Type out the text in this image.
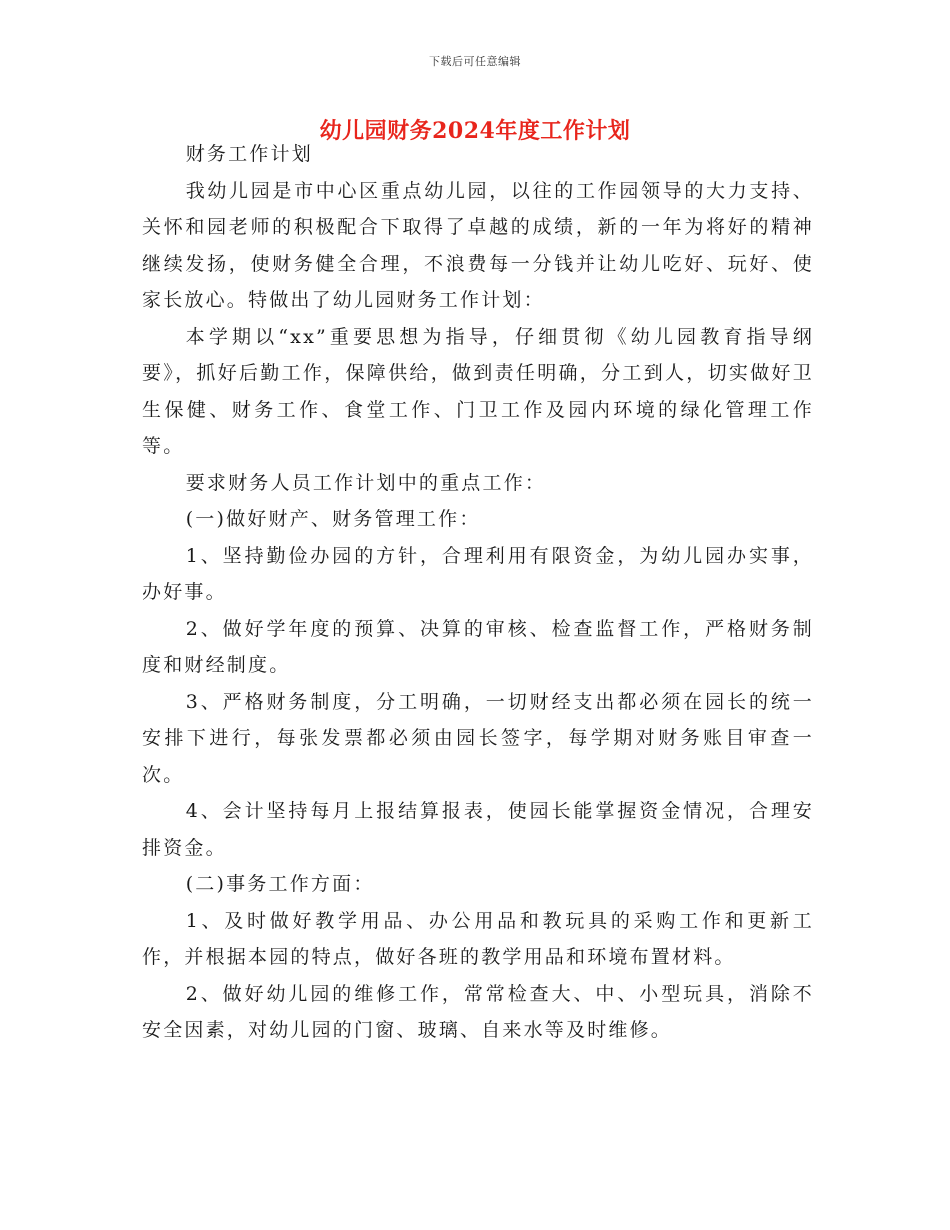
下载后可任意编辑
幼儿园财务2024年度工作计划

财务工作计划

我幼儿园是市中心区重点幼儿园，以往的工作园领导的大力支持、关怀和园老师的积极配合下取得了卓越的成绩，新的一年为将好的精神继续发扬，使财务健全合理，不浪费每一分钱并让幼儿吃好、玩好、使家长放心。特做出了幼儿园财务工作计划：

本学期以“xx”重要思想为指导，仔细贯彻《幼儿园教育指导纲要》，抓好后勤工作，保障供给，做到责任明确，分工到人，切实做好卫生保健、财务工作、食堂工作、门卫工作及园内环境的绿化管理工作等。

要求财务人员工作计划中的重点工作：

(一)做好财产、财务管理工作：

1、坚持勤俭办园的方针，合理利用有限资金，为幼儿园办实事，办好事。

2、做好学年度的预算、决算的审核、检查监督工作，严格财务制度和财经制度。

3、严格财务制度，分工明确，一切财经支出都必须在园长的统一安排下进行，每张发票都必须由园长签字，每学期对财务账目审查一次。

4、会计坚持每月上报结算报表，使园长能掌握资金情况，合理安排资金。

(二)事务工作方面：

1、及时做好教学用品、办公用品和教玩具的采购工作和更新工作，并根据本园的特点，做好各班的教学用品和环境布置材料。

2、做好幼儿园的维修工作，常常检查大、中、小型玩具，消除不安全因素，对幼儿园的门窗、玻璃、自来水等及时维修。
